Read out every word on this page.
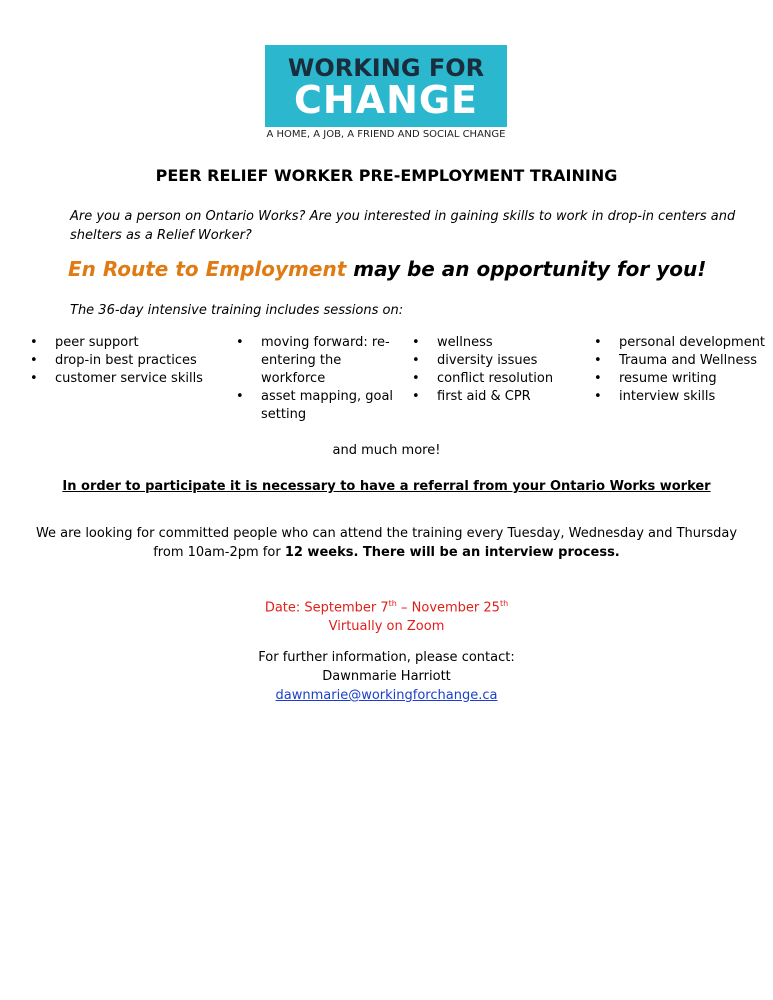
WORKING FOR
CHANGE
A HOME, A JOB, A FRIEND AND SOCIAL CHANGE
PEER RELIEF WORKER PRE-EMPLOYMENT TRAINING
Are you a person on Ontario Works? Are you interested in gaining skills to work in drop-in centers and shelters as a Relief Worker?
En Route to Employment may be an opportunity for you!
The 36-day intensive training includes sessions on:
• peer support
• drop-in best practices
• customer service skills
• moving forward: re-entering the workforce
• asset mapping, goal setting
• wellness
• diversity issues
• conflict resolution
• first aid & CPR
• personal development
• Trauma and Wellness
• resume writing
• interview skills
and much more!
In order to participate it is necessary to have a referral from your Ontario Works worker
We are looking for committed people who can attend the training every Tuesday, Wednesday and Thursday from 10am-2pm for 12 weeks. There will be an interview process.
Date: September 7th – November 25th
Virtually on Zoom
For further information, please contact:
Dawnmarie Harriott
dawnmarie@workingforchange.ca
